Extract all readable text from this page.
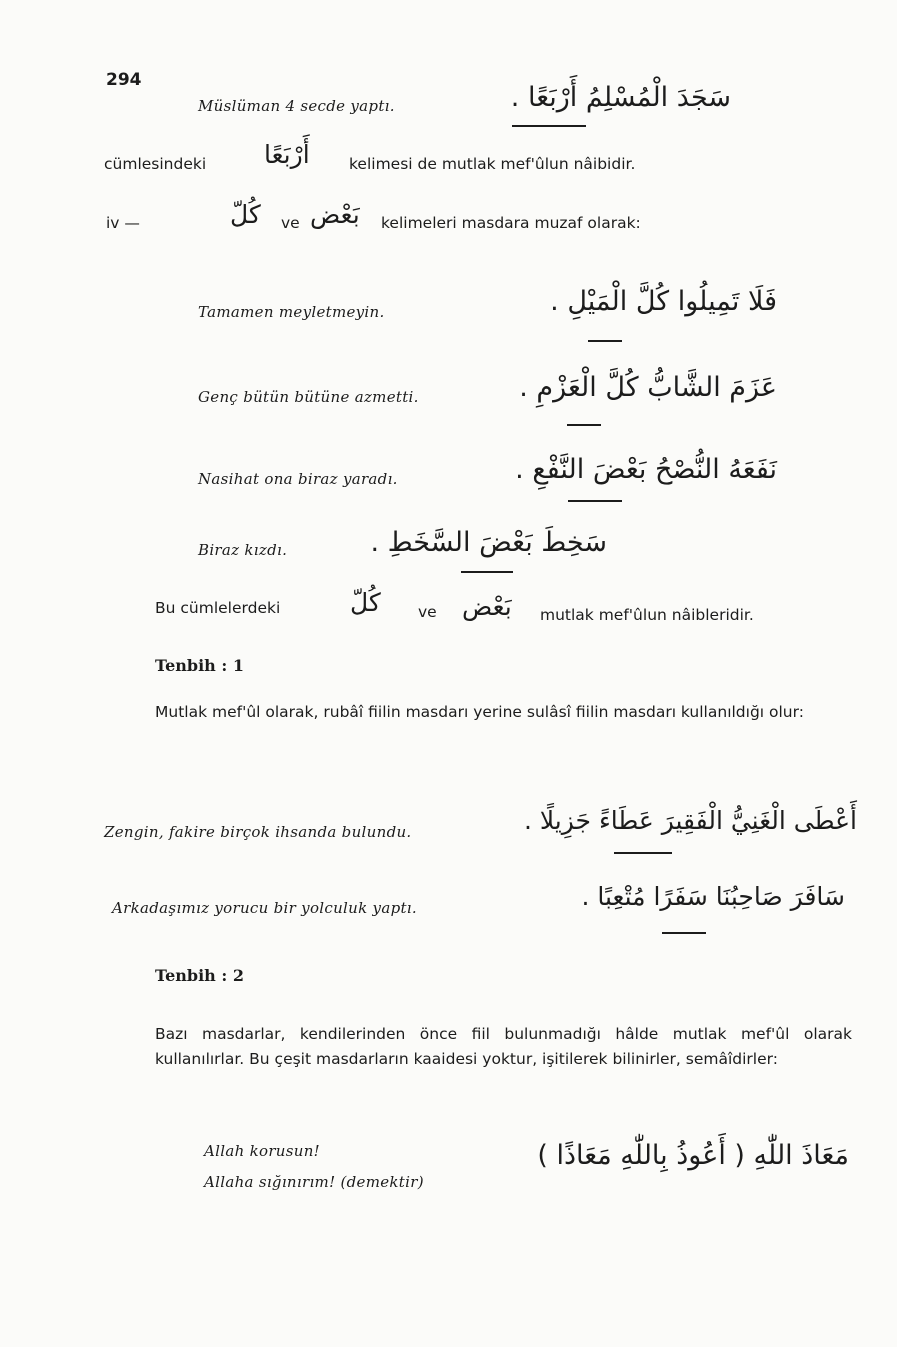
294
Müslüman 4 secde yaptı.	سَجَدَ الْمُسْلِمُ أَرْبَعًا .
cümlesindeki أَرْبَعًا	kelimesi de mutlak mef'ûlun nâibidir.
iv —	كُلّ ve بَعْض kelimeleri masdara muzaf olarak:
Tamamen meyletmeyin.	فَلَا تَمِيلُوا كُلَّ الْمَيْلِ .
Genç bütün bütüne azmetti.	عَزَمَ الشَّابُّ كُلَّ الْعَزْمِ .
Nasihat ona biraz yaradı.	نَفَعَهُ النُّصْحُ بَعْضَ النَّفْعِ .
Biraz kızdı.	سَخِطَ بَعْضَ السَّخَطِ .
Bu cümlelerdeki	كُلّ ve بَعْض mutlak mef'ûlun nâibleridir.
Tenbih : 1
Mutlak mef'ûl olarak, rubâî fiilin masdarı yerine sulâsî fiilin masdarı kullanıldığı olur:
Zengin, fakire birçok ihsanda bulundu.	أَعْطَى الْغَنِيُّ الْفَقِيرَ عَطَاءً جَزِيلًا .
Arkadaşımız yorucu bir yolculuk yaptı.	سَافَرَ صَاحِبُنَا سَفَرًا مُتْعِبًا .
Tenbih : 2
Bazı masdarlar, kendilerinden önce fiil bulunmadığı hâlde mutlak mef'ûl olarak kullanılırlar. Bu çeşit masdarların kaaidesi yoktur, işitilerek bilinirler, semâîdirler:
Allah korusun!
Allaha sığınırım! (demektir)
مَعَاذَ اللّٰهِ ( أَعُوذُ بِاللّٰهِ مَعَاذًا )
